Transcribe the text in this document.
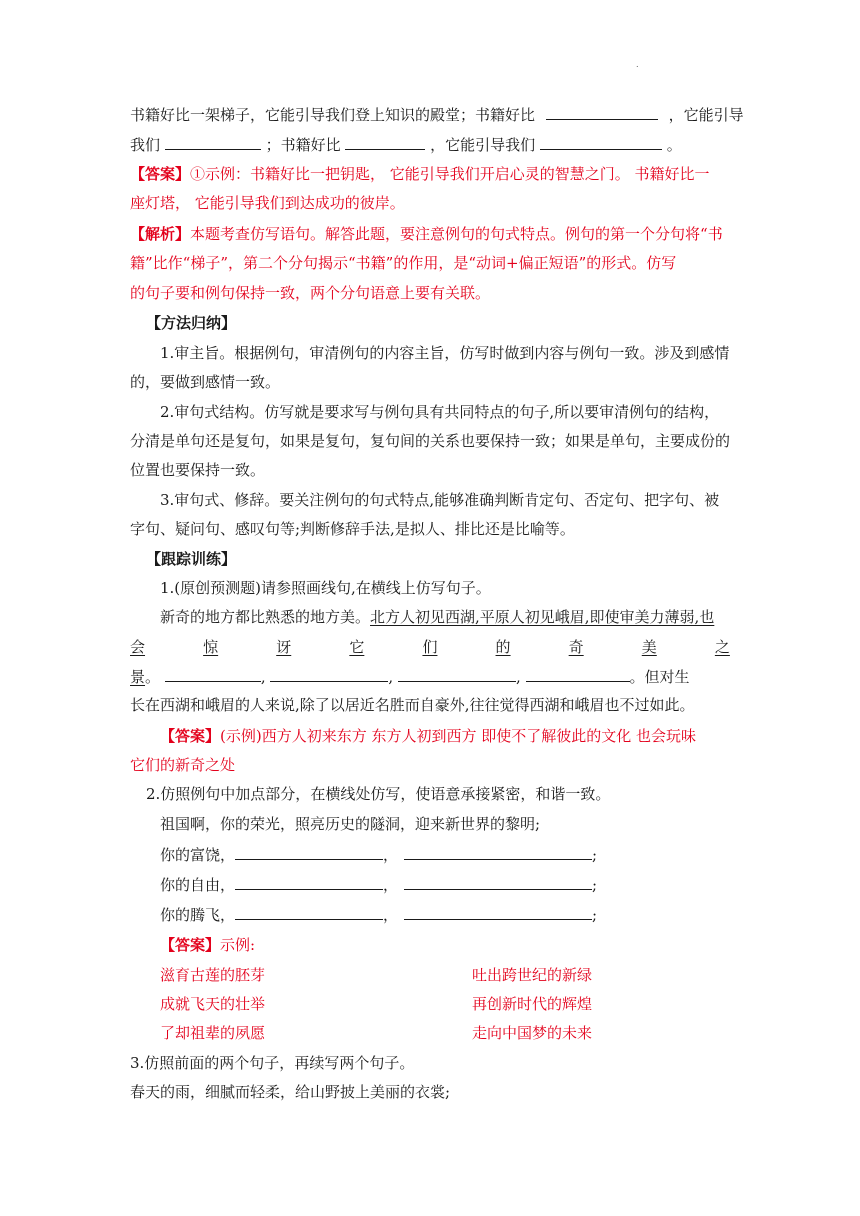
.
书籍好比一架梯子，它能引导我们登上知识的殿堂；书籍好比	，它能引导
我们	；书籍好比	，它能引导我们	。
【答案】①示例：书籍好比一把钥匙， 它能引导我们开启心灵的智慧之门。 书籍好比一
座灯塔， 它能引导我们到达成功的彼岸。
【解析】本题考查仿写语句。解答此题，要注意例句的句式特点。例句的第一个分句将“书
籍”比作“梯子”，第二个分句揭示“书籍”的作用，是“动词+偏正短语”的形式。仿写
的句子要和例句保持一致，两个分句语意上要有关联。
【方法归纳】
1.审主旨。根据例句，审清例句的内容主旨，仿写时做到内容与例句一致。涉及到感情
的，要做到感情一致。
2.审句式结构。仿写就是要求写与例句具有共同特点的句子,所以要审清例句的结构，
分清是单句还是复句，如果是复句，复句间的关系也要保持一致；如果是单句，主要成份的
位置也要保持一致。
3.审句式、修辞。要关注例句的句式特点,能够准确判断肯定句、否定句、把字句、被
字句、疑问句、感叹句等;判断修辞手法,是拟人、排比还是比喻等。
【跟踪训练】
1.(原创预测题)请参照画线句,在横线上仿写句子。
新奇的地方都比熟悉的地方美。北方人初见西湖,平原人初见峨眉,即使审美力薄弱,也
会	惊	讶	它	们	的	奇	美	之
景。	,	,	,	。但对生
长在西湖和峨眉的人来说,除了以居近名胜而自豪外,往往觉得西湖和峨眉也不过如此。
【答案】(示例)西方人初来东方 东方人初到西方 即使不了解彼此的文化 也会玩味
它们的新奇之处
2.仿照例句中加点部分，在横线处仿写，使语意承接紧密，和谐一致。
祖国啊，你的荣光，照亮历史的隧洞，迎来新世界的黎明;
你的富饶，	，	;
你的自由，	，	;
你的腾飞，	，	;
【答案】示例:
滋育古莲的胚芽	吐出跨世纪的新绿
成就飞天的壮举	再创新时代的辉煌
了却祖辈的夙愿	走向中国梦的未来
3.仿照前面的两个句子，再续写两个句子。
春天的雨，细腻而轻柔，给山野披上美丽的衣裳;
